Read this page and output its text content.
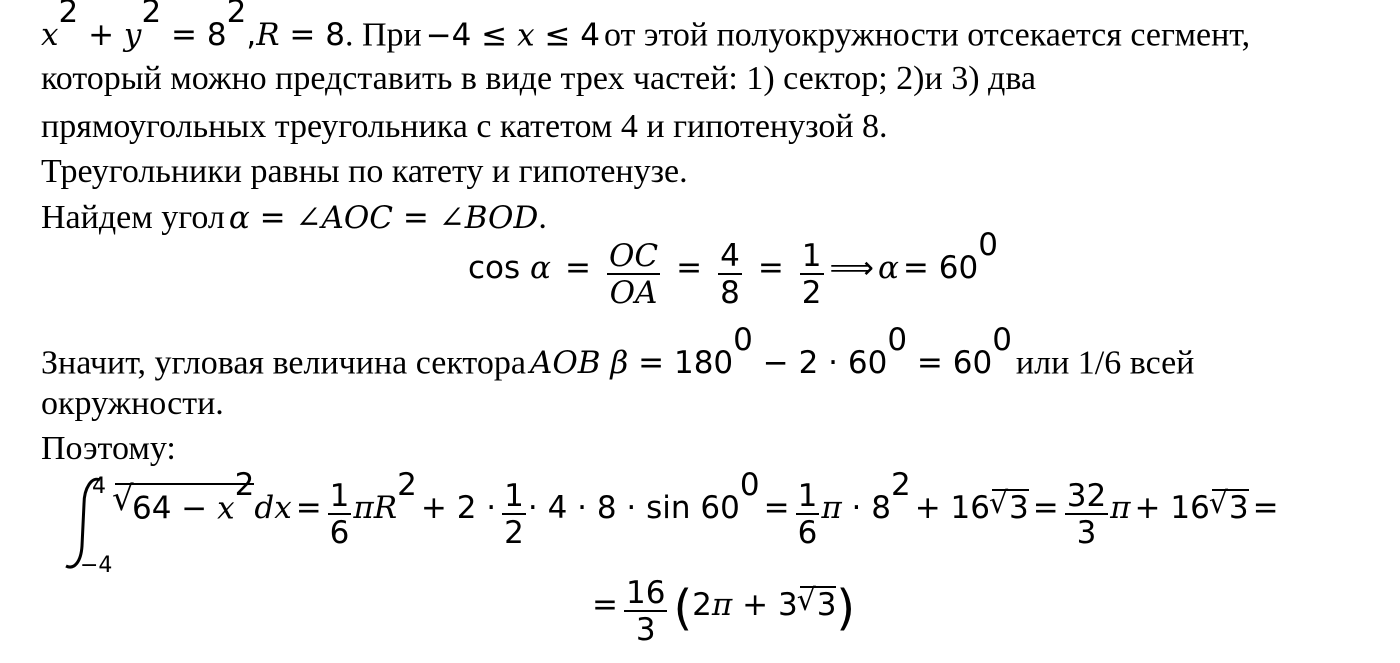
$x^2 + y^2 = 8^2,R = 8$. При −4 ≤ x ≤ 4 от этой полуокружности отсекается сегмент,
который можно представить в виде трех частей: 1) сектор; 2)и 3) два
прямоугольных треугольника с катетом 4 и гипотенузой 8.
Треугольники равны по катету и гипотенузе.
Найдем угол α = ∠AOC = ∠BOD.
$\cos \alpha = \frac{OC}{OA} = \frac{4}{8} = \frac{1}{2}$ ⟹ $\alpha = 60^0$
Значит, угловая величина сектора AOB $\beta = 180^0 - 2 \cdot 60^0 = 60^0$ или 1/6 всей
окружности.
Поэтому:
4
−4
√ $64 - x^2dx = \frac{1}{6} \pi R^2 + 2 \cdot \frac{1}{2} \cdot 4 \cdot 8 \cdot \sin 60^0 = \frac{1}{6}$ $\pi \cdot 8^2 + 16√$ $3 = \frac{32}{3}$ π + 16√ 3 =
= $\frac{16}{3} (2\pi + 3√$ 3)
